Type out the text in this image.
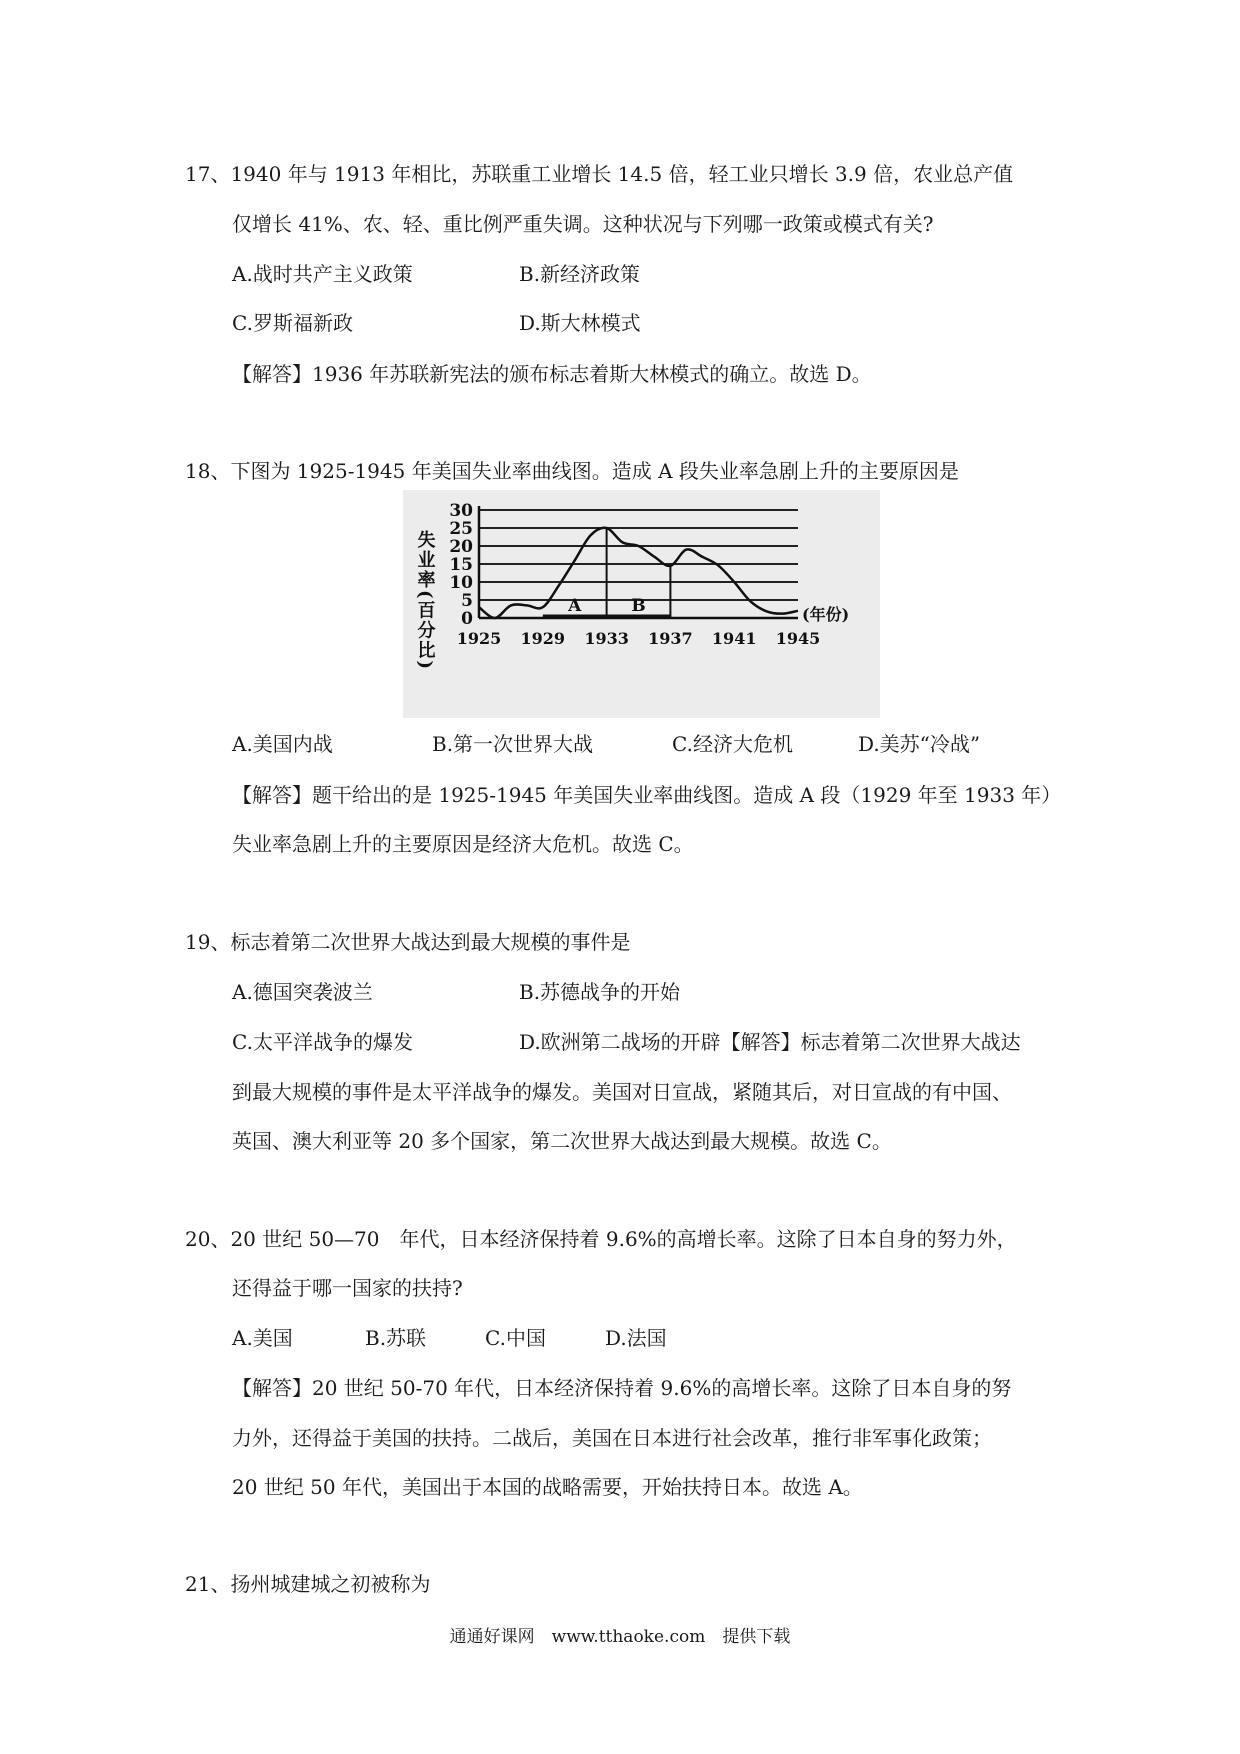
17、1940 年与 1913 年相比，苏联重工业增长 14.5 倍，轻工业只增长 3.9 倍，农业总产值
仅增长 41%、农、轻、重比例严重失调。这种状况与下列哪一政策或模式有关?
A.战时共产主义政策	B.新经济政策
C.罗斯福新政	D.斯大林模式
【解答】1936 年苏联新宪法的颁布标志着斯大林模式的确立。故选 D。
18、下图为 1925-1945 年美国失业率曲线图。造成 A 段失业率急剧上升的主要原因是
0
5
10
15
20
25
30
1925 1929 1933 1937 1941 1945
(年份)
失业率(百分比)	A	B
A.美国内战	B.第一次世界大战	C.经济大危机	D.美苏“冷战”
【解答】题干给出的是 1925-1945 年美国失业率曲线图。造成 A 段（1929 年至 1933 年）
失业率急剧上升的主要原因是经济大危机。故选 C。
19、标志着第二次世界大战达到最大规模的事件是
A.德国突袭波兰	B.苏德战争的开始
C.太平洋战争的爆发	D.欧洲第二战场的开辟【解答】标志着第二次世界大战达
到最大规模的事件是太平洋战争的爆发。美国对日宣战，紧随其后，对日宣战的有中国、
英国、澳大利亚等 20 多个国家，第二次世界大战达到最大规模。故选 C。
20、20 世纪 50—70　年代，日本经济保持着 9.6%的高增长率。这除了日本自身的努力外，
还得益于哪一国家的扶持?
A.美国	B.苏联	C.中国	D.法国
【解答】20 世纪 50-70 年代，日本经济保持着 9.6%的高增长率。这除了日本自身的努
力外，还得益于美国的扶持。二战后，美国在日本进行社会改革，推行非军事化政策；
20 世纪 50 年代，美国出于本国的战略需要，开始扶持日本。故选 A。
21、扬州城建城之初被称为
通通好课网　www.tthaoke.com　提供下载
